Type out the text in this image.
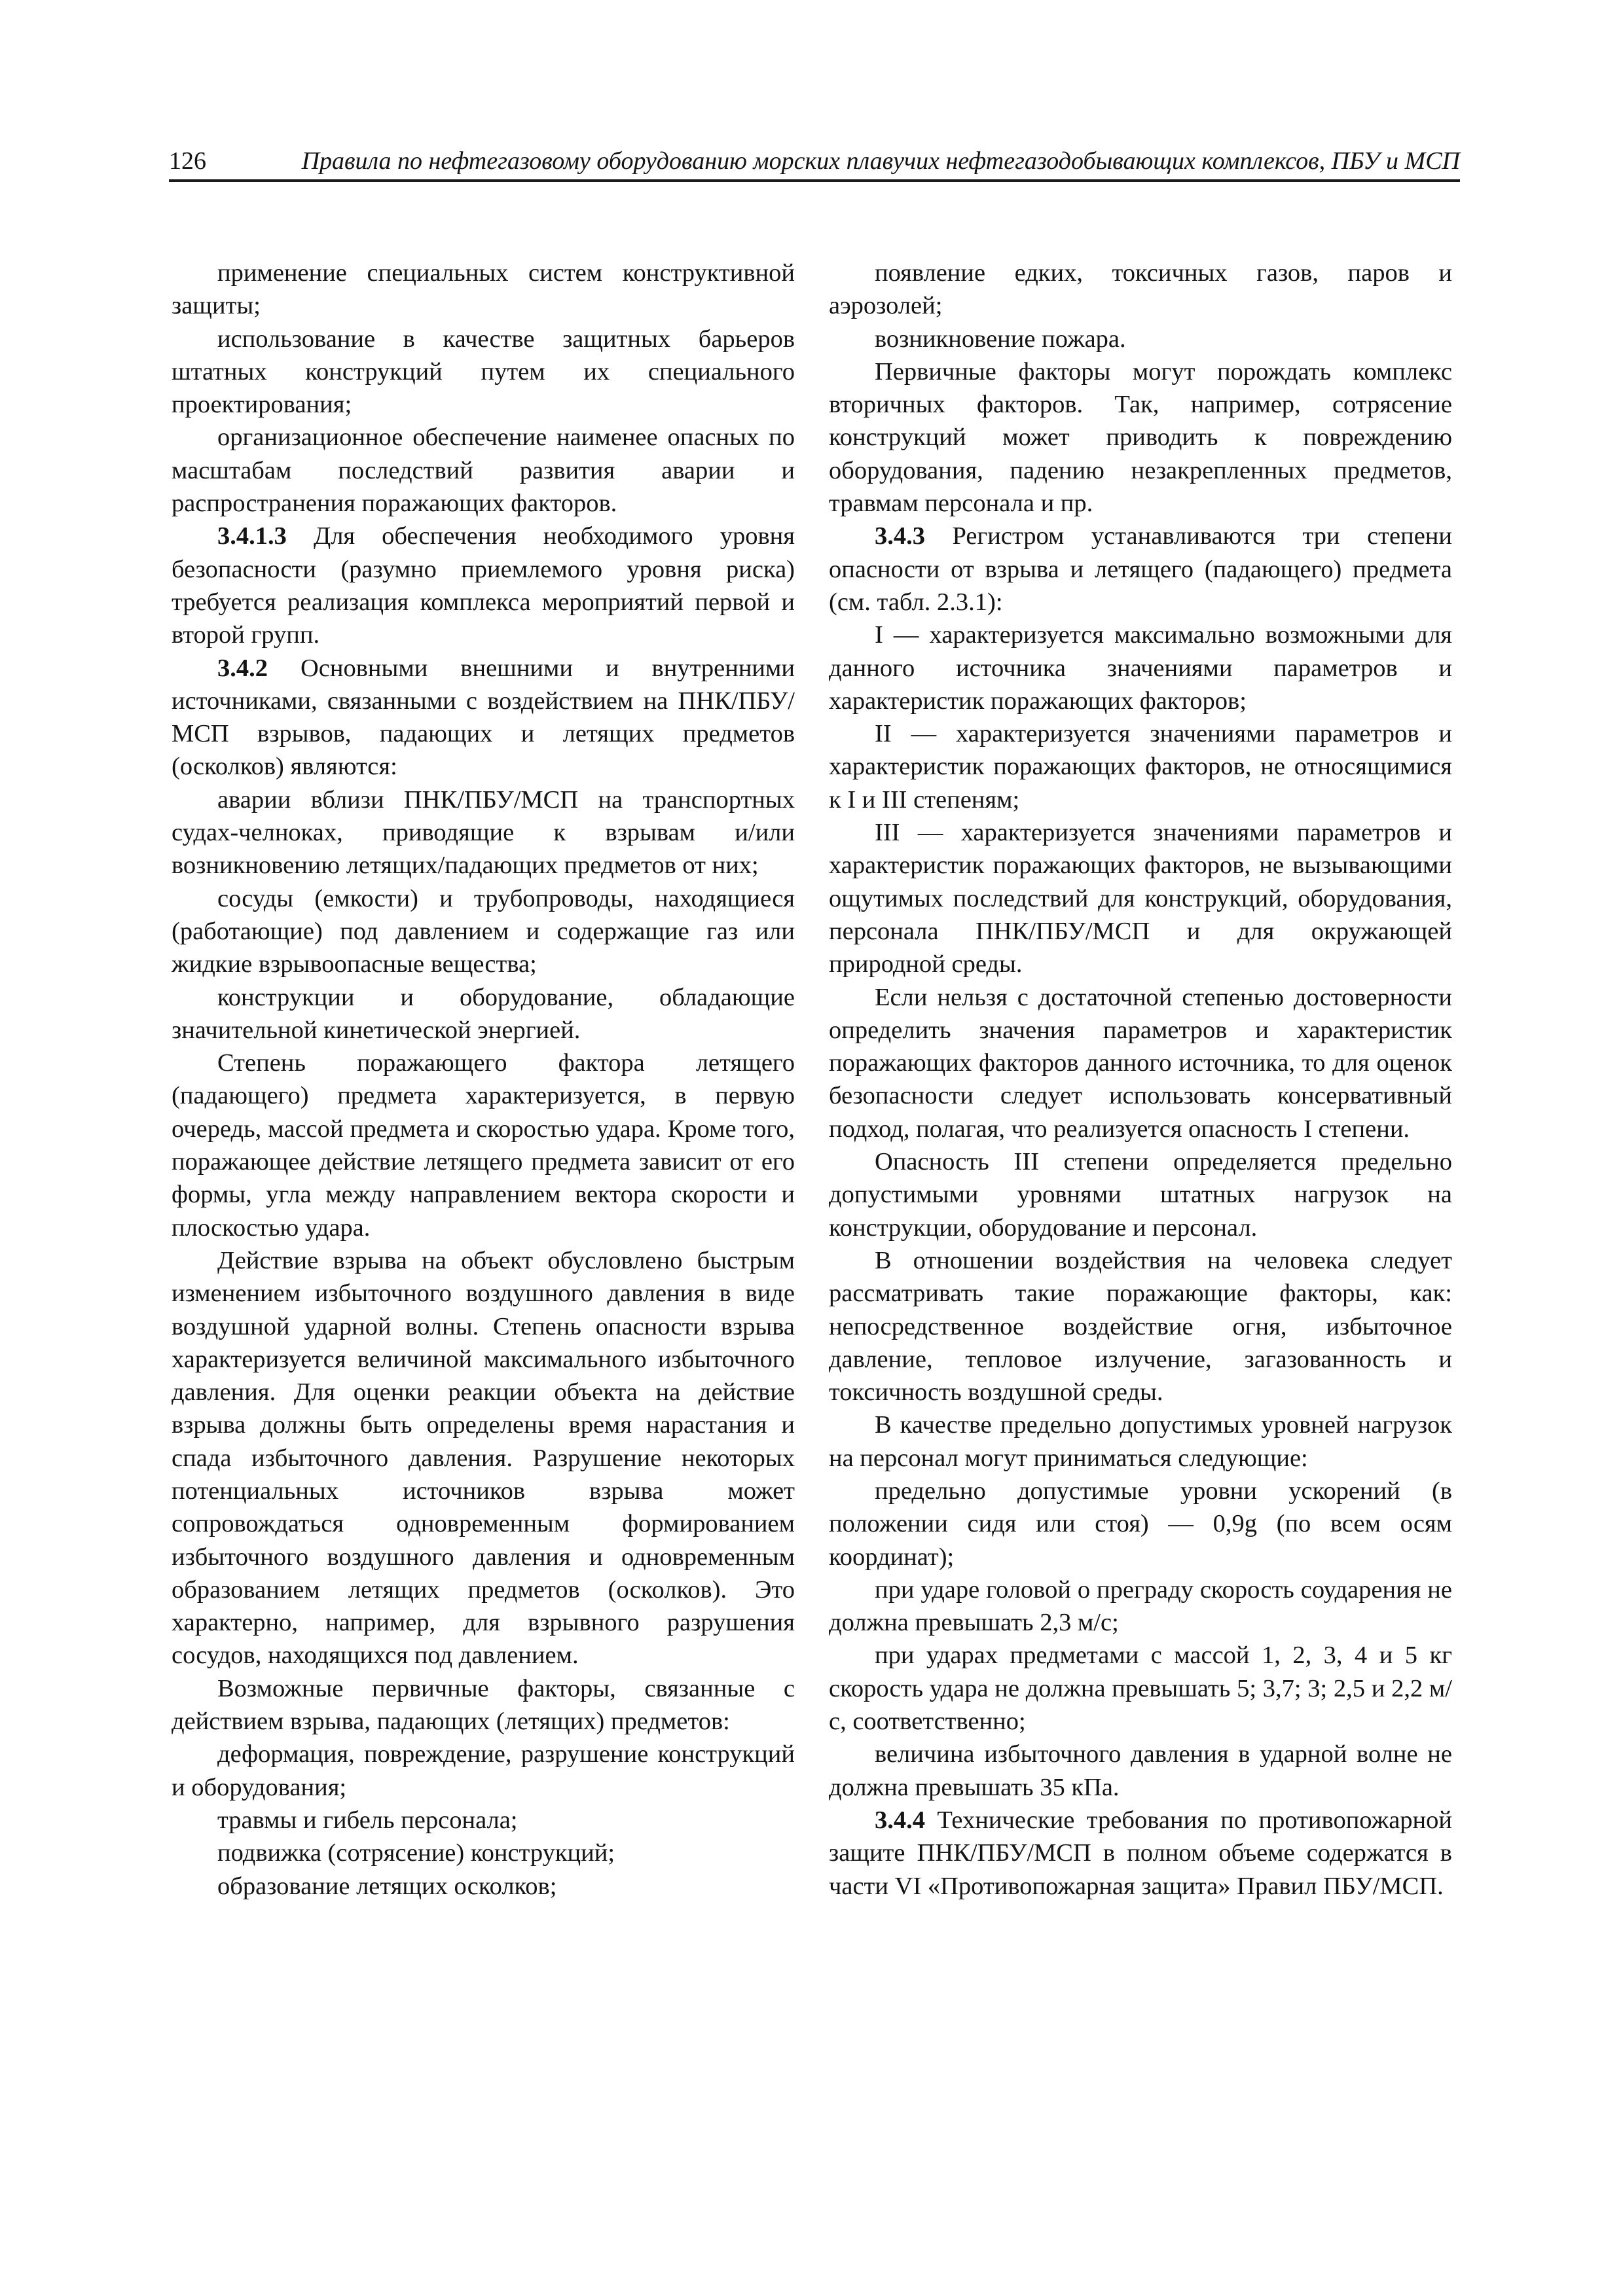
126	Правила по нефтегазовому оборудованию морских плавучих нефтегазодобывающих комплексов, ПБУ и МСП

применение специальных систем конструктивной защиты;

использование в качестве защитных барьеров штатных конструкций путем их специального проектирования;

организационное обеспечение наименее опасных по масштабам последствий развития аварии и распространения поражающих факторов.

3.4.1.3 Для обеспечения необходимого уровня безопасности (разумно приемлемого уровня риска) требуется реализация комплекса мероприятий первой и второй групп.

3.4.2 Основными внешними и внутренними источниками, связанными с воздействием на ПНК/ПБУ/МСП взрывов, падающих и летящих предметов (осколков) являются:

аварии вблизи ПНК/ПБУ/МСП на транспортных судах-челноках, приводящие к взрывам и/или возникновению летящих/падающих предметов от них;

сосуды (емкости) и трубопроводы, находящиеся (работающие) под давлением и содержащие газ или жидкие взрывоопасные вещества;

конструкции и оборудование, обладающие значительной кинетической энергией.

Степень поражающего фактора летящего (падающего) предмета характеризуется, в первую очередь, массой предмета и скоростью удара. Кроме того, поражающее действие летящего предмета зависит от его формы, угла между направлением вектора скорости и плоскостью удара.

Действие взрыва на объект обусловлено быстрым изменением избыточного воздушного давления в виде воздушной ударной волны. Степень опасности взрыва характеризуется величиной максимального избыточного давления. Для оценки реакции объекта на действие взрыва должны быть определены время нарастания и спада избыточного давления. Разрушение некоторых потенциальных источников взрыва может сопровождаться одновременным формированием избыточного воздушного давления и одновременным образованием летящих предметов (осколков). Это характерно, например, для взрывного разрушения сосудов, находящихся под давлением.

Возможные первичные факторы, связанные с действием взрыва, падающих (летящих) предметов:

деформация, повреждение, разрушение конструкций и оборудования;

травмы и гибель персонала;

подвижка (сотрясение) конструкций;

образование летящих осколков;

появление едких, токсичных газов, паров и аэрозолей;

возникновение пожара.

Первичные факторы могут порождать комплекс вторичных факторов. Так, например, сотрясение конструкций может приводить к повреждению оборудования, падению незакрепленных предметов, травмам персонала и пр.

3.4.3 Регистром устанавливаются три степени опасности от взрыва и летящего (падающего) предмета (см. табл. 2.3.1):

I — характеризуется максимально возможными для данного источника значениями параметров и характеристик поражающих факторов;

II — характеризуется значениями параметров и характеристик поражающих факторов, не относящимися к I и III степеням;

III — характеризуется значениями параметров и характеристик поражающих факторов, не вызывающими ощутимых последствий для конструкций, оборудования, персонала ПНК/ПБУ/МСП и для окружающей природной среды.

Если нельзя с достаточной степенью достоверности определить значения параметров и характеристик поражающих факторов данного источника, то для оценок безопасности следует использовать консервативный подход, полагая, что реализуется опасность I степени.

Опасность III степени определяется предельно допустимыми уровнями штатных нагрузок на конструкции, оборудование и персонал.

В отношении воздействия на человека следует рассматривать такие поражающие факторы, как: непосредственное воздействие огня, избыточное давление, тепловое излучение, загазованность и токсичность воздушной среды.

В качестве предельно допустимых уровней нагрузок на персонал могут приниматься следующие:

предельно допустимые уровни ускорений (в положении сидя или стоя) — 0,9g (по всем осям координат);

при ударе головой о преграду скорость соударения не должна превышать 2,3 м/с;

при ударах предметами с массой 1, 2, 3, 4 и 5 кг скорость удара не должна превышать 5; 3,7; 3; 2,5 и 2,2 м/с, соответственно;

величина избыточного давления в ударной волне не должна превышать 35 кПа.

3.4.4 Технические требования по противопожарной защите ПНК/ПБУ/МСП в полном объеме содержатся в части VI «Противопожарная защита» Правил ПБУ/МСП.
